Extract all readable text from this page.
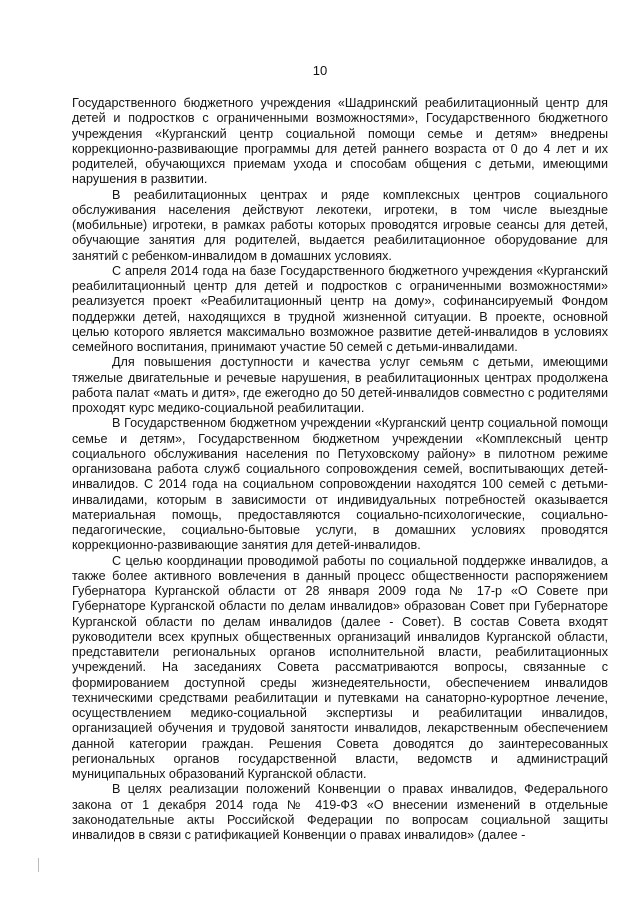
10

Государственного бюджетного учреждения «Шадринский реабилитационный центр для детей и подростков с ограниченными возможностями», Государственного бюджетного учреждения «Курганский центр социальной помощи семье и детям» внедрены коррекционно-развивающие программы для детей раннего возраста от 0 до 4 лет и их родителей, обучающихся приемам ухода и способам общения с детьми, имеющими нарушения в развитии.

В реабилитационных центрах и ряде комплексных центров социального обслуживания населения действуют лекотеки, игротеки, в том числе выездные (мобильные) игротеки, в рамках работы которых проводятся игровые сеансы для детей, обучающие занятия для родителей, выдается реабилитационное оборудование для занятий с ребенком-инвалидом в домашних условиях.

С апреля 2014 года на базе Государственного бюджетного учреждения «Курганский реабилитационный центр для детей и подростков с ограниченными возможностями» реализуется проект «Реабилитационный центр на дому», софинансируемый Фондом поддержки детей, находящихся в трудной жизненной ситуации. В проекте, основной целью которого является максимально возможное развитие детей-инвалидов в условиях семейного воспитания, принимают участие 50 семей с детьми-инвалидами.

Для повышения доступности и качества услуг семьям с детьми, имеющими тяжелые двигательные и речевые нарушения, в реабилитационных центрах продолжена работа палат «мать и дитя», где ежегодно до 50 детей-инвалидов совместно с родителями проходят курс медико-социальной реабилитации.

В Государственном бюджетном учреждении «Курганский центр социальной помощи семье и детям», Государственном бюджетном учреждении «Комплексный центр социального обслуживания населения по Петуховскому району» в пилотном режиме организована работа служб социального сопровождения семей, воспитывающих детей-инвалидов. С 2014 года на социальном сопровождении находятся 100 семей с детьми-инвалидами, которым в зависимости от индивидуальных потребностей оказывается материальная помощь, предоставляются социально-психологические, социально-педагогические, социально-бытовые услуги, в домашних условиях проводятся коррекционно-развивающие занятия для детей-инвалидов.

С целью координации проводимой работы по социальной поддержке инвалидов, а также более активного вовлечения в данный процесс общественности распоряжением Губернатора Курганской области от 28 января 2009 года № 17-р «О Совете при Губернаторе Курганской области по делам инвалидов» образован Совет при Губернаторе Курганской области по делам инвалидов (далее - Совет). В состав Совета входят руководители всех крупных общественных организаций инвалидов Курганской области, представители региональных органов исполнительной власти, реабилитационных учреждений. На заседаниях Совета рассматриваются вопросы, связанные с формированием доступной среды жизнедеятельности, обеспечением инвалидов техническими средствами реабилитации и путевками на санаторно-курортное лечение, осуществлением медико-социальной экспертизы и реабилитации инвалидов, организацией обучения и трудовой занятости инвалидов, лекарственным обеспечением данной категории граждан. Решения Совета доводятся до заинтересованных региональных органов государственной власти, ведомств и администраций муниципальных образований Курганской области.

В целях реализации положений Конвенции о правах инвалидов, Федерального закона от 1 декабря 2014 года № 419-ФЗ «О внесении изменений в отдельные законодательные акты Российской Федерации по вопросам социальной защиты инвалидов в связи с ратификацией Конвенции о правах инвалидов» (далее -
